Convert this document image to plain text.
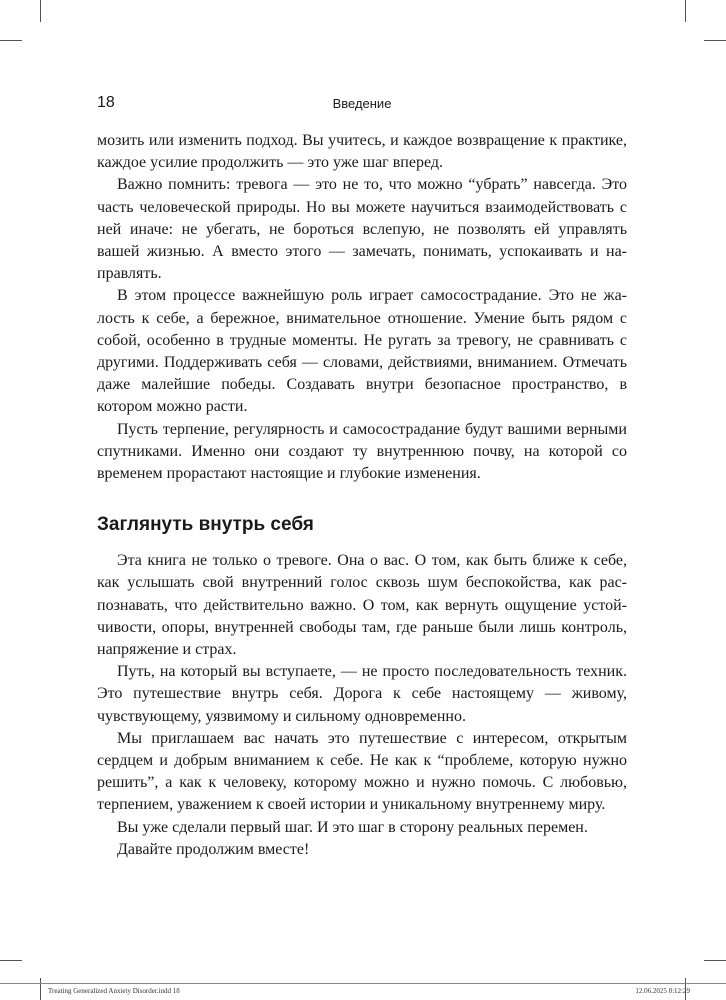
18	Введение

мозить или изменить подход. Вы учитесь, и каждое возвращение к практике, каждое усилие продолжить — это уже шаг вперед.

Важно помнить: тревога — это не то, что можно “убрать” навсегда. Это часть человеческой природы. Но вы можете научиться взаимодействовать с ней иначе: не убегать, не бороться вслепую, не позволять ей управлять вашей жизнью. А вместо этого — замечать, понимать, успокаивать и направлять.

В этом процессе важнейшую роль играет самосострадание. Это не жалость к себе, а бережное, внимательное отношение. Умение быть рядом с собой, особенно в трудные моменты. Не ругать за тревогу, не сравнивать с другими. Поддерживать себя — словами, действиями, вниманием. Отмечать даже малейшие победы. Создавать внутри безопасное пространство, в котором можно расти.

Пусть терпение, регулярность и самосострадание будут вашими верными спутниками. Именно они создают ту внутреннюю почву, на которой со временем прорастают настоящие и глубокие изменения.

Заглянуть внутрь себя

Эта книга не только о тревоге. Она о вас. О том, как быть ближе к себе, как услышать свой внутренний голос сквозь шум беспокойства, как распознавать, что действительно важно. О том, как вернуть ощущение устойчивости, опоры, внутренней свободы там, где раньше были лишь контроль, напряжение и страх.

Путь, на который вы вступаете, — не просто последовательность техник. Это путешествие внутрь себя. Дорога к себе настоящему — живому, чувствующему, уязвимому и сильному одновременно.

Мы приглашаем вас начать это путешествие с интересом, открытым сердцем и добрым вниманием к себе. Не как к “проблеме, которую нужно решить”, а как к человеку, которому можно и нужно помочь. С любовью, терпением, уважением к своей истории и уникальному внутреннему миру.

Вы уже сделали первый шаг. И это шаг в сторону реальных перемен.

Давайте продолжим вместе!

Treating Generalized Anxiety Disorder.indd 18	12.06.2025 8:12:29
